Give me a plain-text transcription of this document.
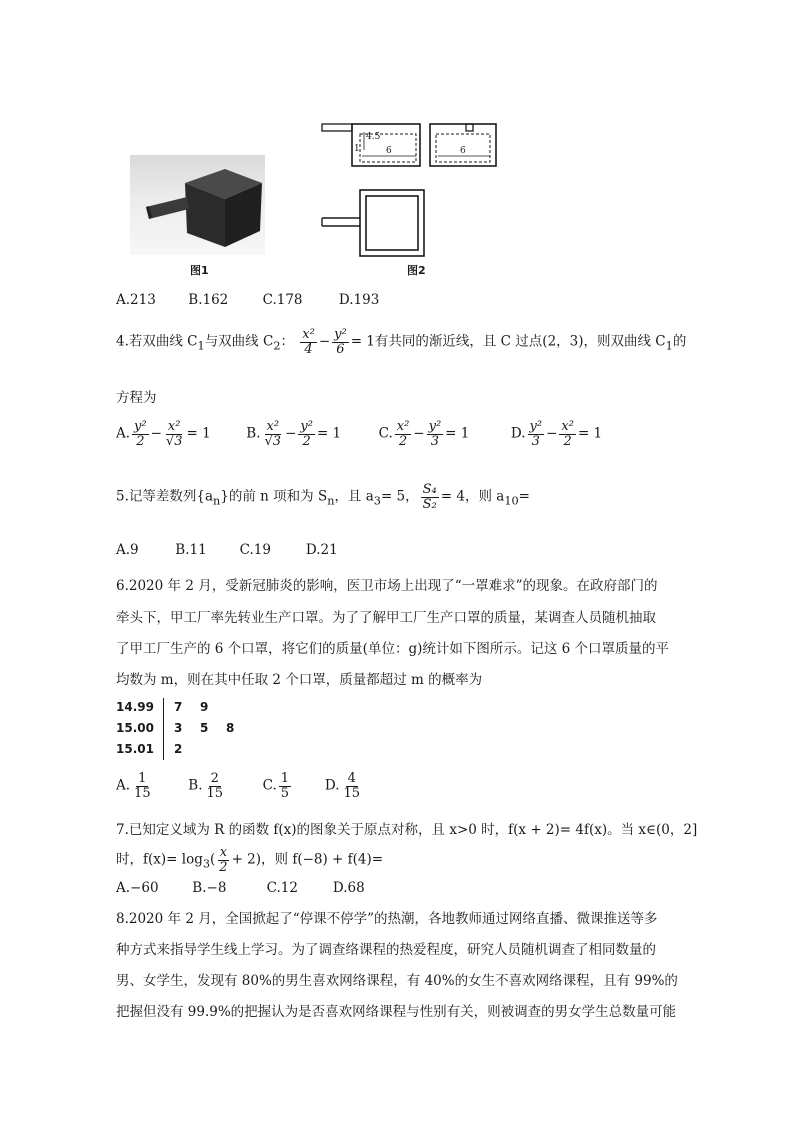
图1
4.5
1	6	6
图2
A.213 B.162	C.178	D.193
4.若双曲线 $C_1$与双曲线 $C_2$： $\frac{\text{x²}}{4} - \frac{\text{y²}}{6} = 1$有共同的渐近线，且 C 过点(2，3)，则双曲线 $C_1$的
方程为
A. $\frac{\text{y²}}{2} - \frac{\text{x²}}{√3} = 1$	B. $\frac{\text{x²}}{√3} - \frac{\text{y²}}{2} = 1$	C. $\frac{\text{x²}}{2} - \frac{\text{y²}}{3} = 1$	D. $\frac{\text{y²}}{3} - \frac{\text{x²}}{2} = 1$
5.记等差数列$\{a_n\}$的前 n 项和为 $S_n$，且 $a_3= 5$， $\frac{\text{S₄}}{\text{S₂}} = 4$，则 $a_{10}=$
A.9	B.11 C.19	D.21
6.2020 年 2 月，受新冠肺炎的影响，医卫市场上出现了“一罩难求”的现象。在政府部门的
牵头下，甲工厂率先转业生产口罩。为了了解甲工厂生产口罩的质量，某调查人员随机抽取
了甲工厂生产的 6 个口罩，将它们的质量(单位：g)统计如下图所示。记这 6 个口罩质量的平
均数为 m，则在其中任取 2 个口罩，质量都超过 m 的概率为
14.99	7 9
15.00	3 5 8
15.01	2
A. $\frac{1}{15}$	B. $\frac{2}{15}$	C. $\frac{1}{5}$	D. $\frac{4}{15}$
7.已知定义域为 R 的函数 f(x)的图象关于原点对称，且 x>0 时，f(x + 2)= 4f(x)。当 x∈(0，2]
时，$f(x)= \log_3( \frac{x}{2} + 2)$，则 f(−8) + f(4)=
A.−60	B.−8	C.12	D.68
8.2020 年 2 月，全国掀起了“停课不停学”的热潮，各地教师通过网络直播、微课推送等多
种方式来指导学生线上学习。为了调查络课程的热爱程度，研究人员随机调查了相同数量的
男、女学生，发现有 80%的男生喜欢网络课程，有 40%的女生不喜欢网络课程，且有 99%的
把握但没有 99.9%的把握认为是否喜欢网络课程与性别有关，则被调查的男女学生总数量可能
